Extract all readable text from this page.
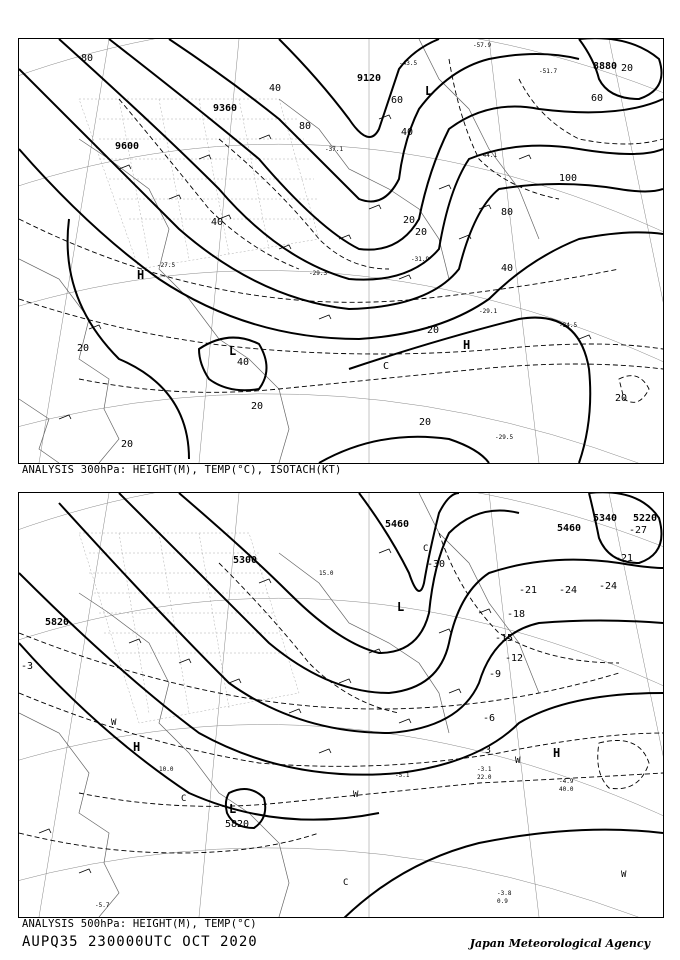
9600
9360
9120
8880
80
40
80
40
60
20
100
80
60
20
40
20
40
20
20
20
20
20
40
20
L
H
H
L
C
-57.9
-51.7
-43.5
-44.1
-27.5
-29.3
-31.9
-34.5
-29.1
-29.5
-37.1
ANALYSIS 300hPa: HEIGHT(M), TEMP(°C), ISOTACH(KT)
5300
5460
5340 5220
5820
5820
5460
-30
-27
-24
-21
-24
-18
-21
-15
-12
-9
-6
-3
-3
L
H	H
L
W
W
W
W
C
C
C
-5.1
-3.1
-4.9
-5.7
-3.8
22.0
40.0
0.9
10.0
15.0
ANALYSIS 500hPa: HEIGHT(M), TEMP(°C)
AUPQ35 230000UTC OCT 2020	Japan Meteorological Agency
